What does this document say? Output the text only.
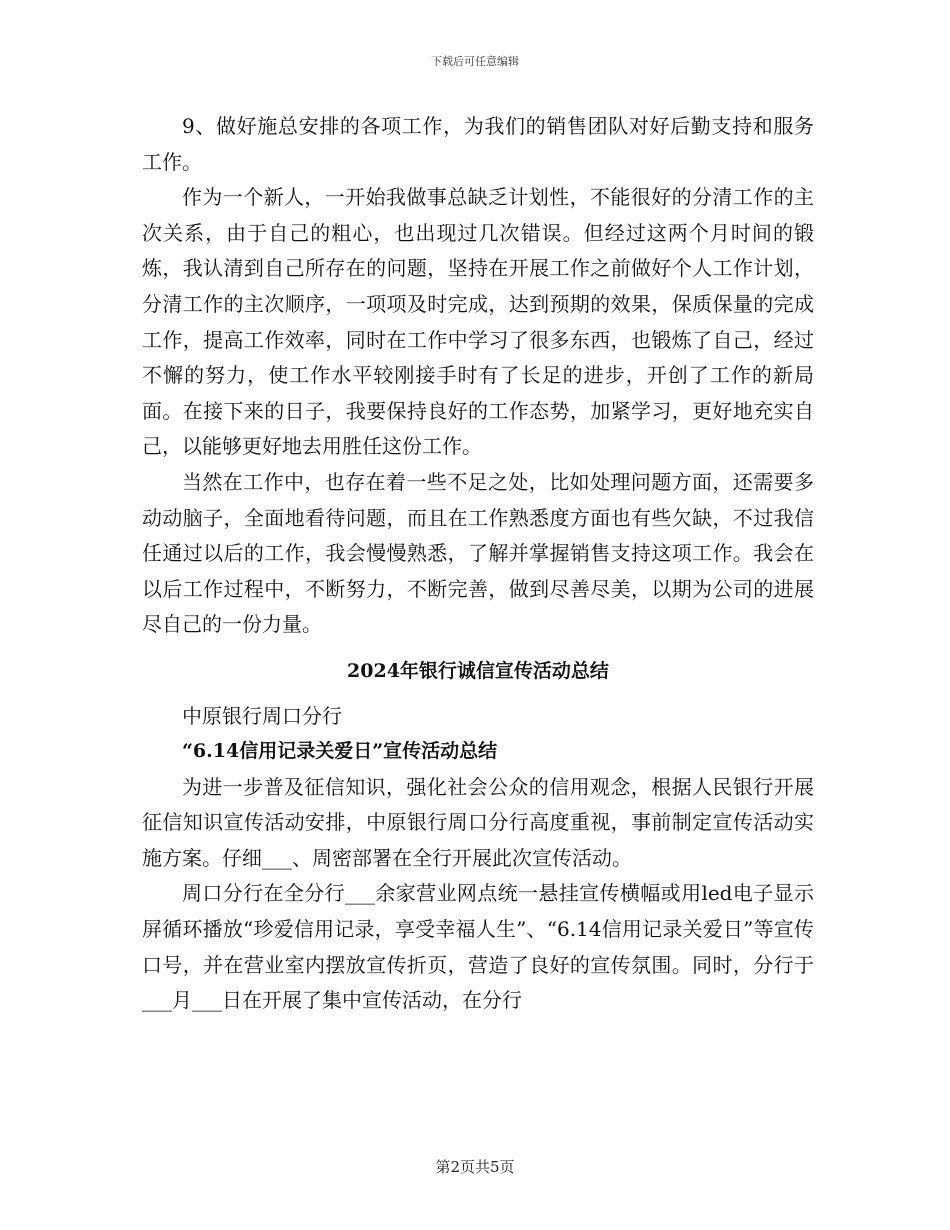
下载后可任意编辑

9、做好施总安排的各项工作，为我们的销售团队对好后勤支持和服务工作。

作为一个新人，一开始我做事总缺乏计划性，不能很好的分清工作的主次关系，由于自己的粗心，也出现过几次错误。但经过这两个月时间的锻炼，我认清到自己所存在的问题，坚持在开展工作之前做好个人工作计划，分清工作的主次顺序，一项项及时完成，达到预期的效果，保质保量的完成工作，提高工作效率，同时在工作中学习了很多东西，也锻炼了自己，经过不懈的努力，使工作水平较刚接手时有了长足的进步，开创了工作的新局面。在接下来的日子，我要保持良好的工作态势，加紧学习，更好地充实自己，以能够更好地去用胜任这份工作。

当然在工作中，也存在着一些不足之处，比如处理问题方面，还需要多动动脑子，全面地看待问题，而且在工作熟悉度方面也有些欠缺，不过我信任通过以后的工作，我会慢慢熟悉，了解并掌握销售支持这项工作。我会在以后工作过程中，不断努力，不断完善，做到尽善尽美，以期为公司的进展尽自己的一份力量。

2024年银行诚信宣传活动总结

中原银行周口分行

“6.14信用记录关爱日”宣传活动总结

为进一步普及征信知识，强化社会公众的信用观念，根据人民银行开展征信知识宣传活动安排，中原银行周口分行高度重视，事前制定宣传活动实施方案。仔细___、周密部署在全行开展此次宣传活动。

周口分行在全分行___余家营业网点统一悬挂宣传横幅或用led电子显示屏循环播放“珍爱信用记录，享受幸福人生”、“6.14信用记录关爱日”等宣传口号，并在营业室内摆放宣传折页，营造了良好的宣传氛围。同时，分行于___月___日在开展了集中宣传活动，在分行

第2页共5页
